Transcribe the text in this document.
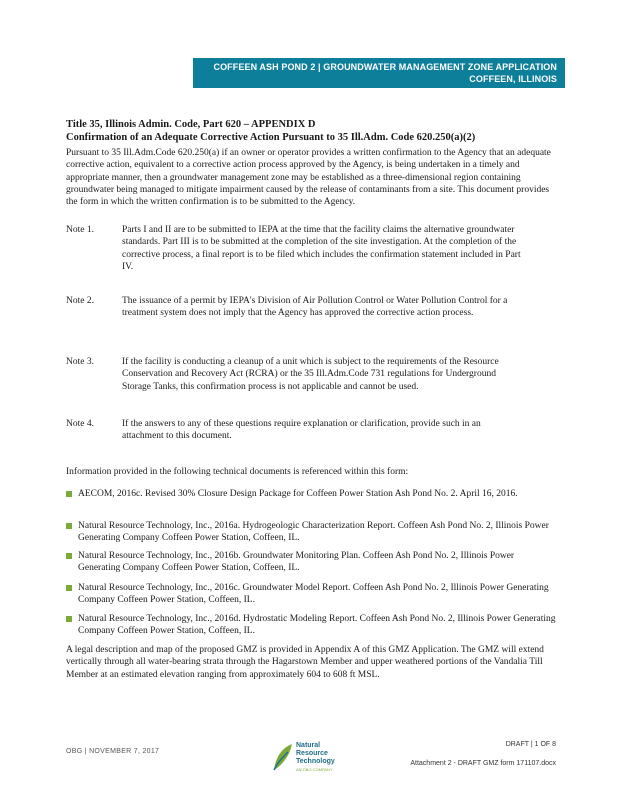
COFFEEN ASH POND 2 | GROUNDWATER MANAGEMENT ZONE APPLICATION
COFFEEN, ILLINOIS
Title 35, Illinois Admin. Code, Part 620 – APPENDIX D
Confirmation of an Adequate Corrective Action Pursuant to 35 Ill.Adm. Code 620.250(a)(2)
Pursuant to 35 Ill.Adm.Code 620.250(a) if an owner or operator provides a written confirmation to the Agency that an adequate corrective action, equivalent to a corrective action process approved by the Agency, is being undertaken in a timely and appropriate manner, then a groundwater management zone may be established as a three-dimensional region containing groundwater being managed to mitigate impairment caused by the release of contaminants from a site. This document provides the form in which the written confirmation is to be submitted to the Agency.
Note 1.	Parts I and II are to be submitted to IEPA at the time that the facility claims the alternative groundwater standards. Part III is to be submitted at the completion of the site investigation. At the completion of the corrective process, a final report is to be filed which includes the confirmation statement included in Part IV.
Note 2.	The issuance of a permit by IEPA's Division of Air Pollution Control or Water Pollution Control for a treatment system does not imply that the Agency has approved the corrective action process.
Note 3.	If the facility is conducting a cleanup of a unit which is subject to the requirements of the Resource Conservation and Recovery Act (RCRA) or the 35 Ill.Adm.Code 731 regulations for Underground Storage Tanks, this confirmation process is not applicable and cannot be used.
Note 4.	If the answers to any of these questions require explanation or clarification, provide such in an attachment to this document.
Information provided in the following technical documents is referenced within this form:
AECOM, 2016c. Revised 30% Closure Design Package for Coffeen Power Station Ash Pond No. 2. April 16, 2016.
Natural Resource Technology, Inc., 2016a. Hydrogeologic Characterization Report. Coffeen Ash Pond No. 2, Illinois Power Generating Company Coffeen Power Station, Coffeen, IL.
Natural Resource Technology, Inc., 2016b. Groundwater Monitoring Plan. Coffeen Ash Pond No. 2, Illinois Power Generating Company Coffeen Power Station, Coffeen, IL.
Natural Resource Technology, Inc., 2016c. Groundwater Model Report. Coffeen Ash Pond No. 2, Illinois Power Generating Company Coffeen Power Station, Coffeen, IL.
Natural Resource Technology, Inc., 2016d. Hydrostatic Modeling Report. Coffeen Ash Pond No. 2, Illinois Power Generating Company Coffeen Power Station, Coffeen, IL.
A legal description and map of the proposed GMZ is provided in Appendix A of this GMZ Application. The GMZ will extend vertically through all water-bearing strata through the Hagarstown Member and upper weathered portions of the Vandalia Till Member at an estimated elevation ranging from approximately 604 to 608 ft MSL.
OBG | NOVEMBER 7, 2017
Natural
Resource
Technology
AN OBG COMPANY
DRAFT | 1 OF 8
Attachment 2 - DRAFT GMZ form 171107.docx
